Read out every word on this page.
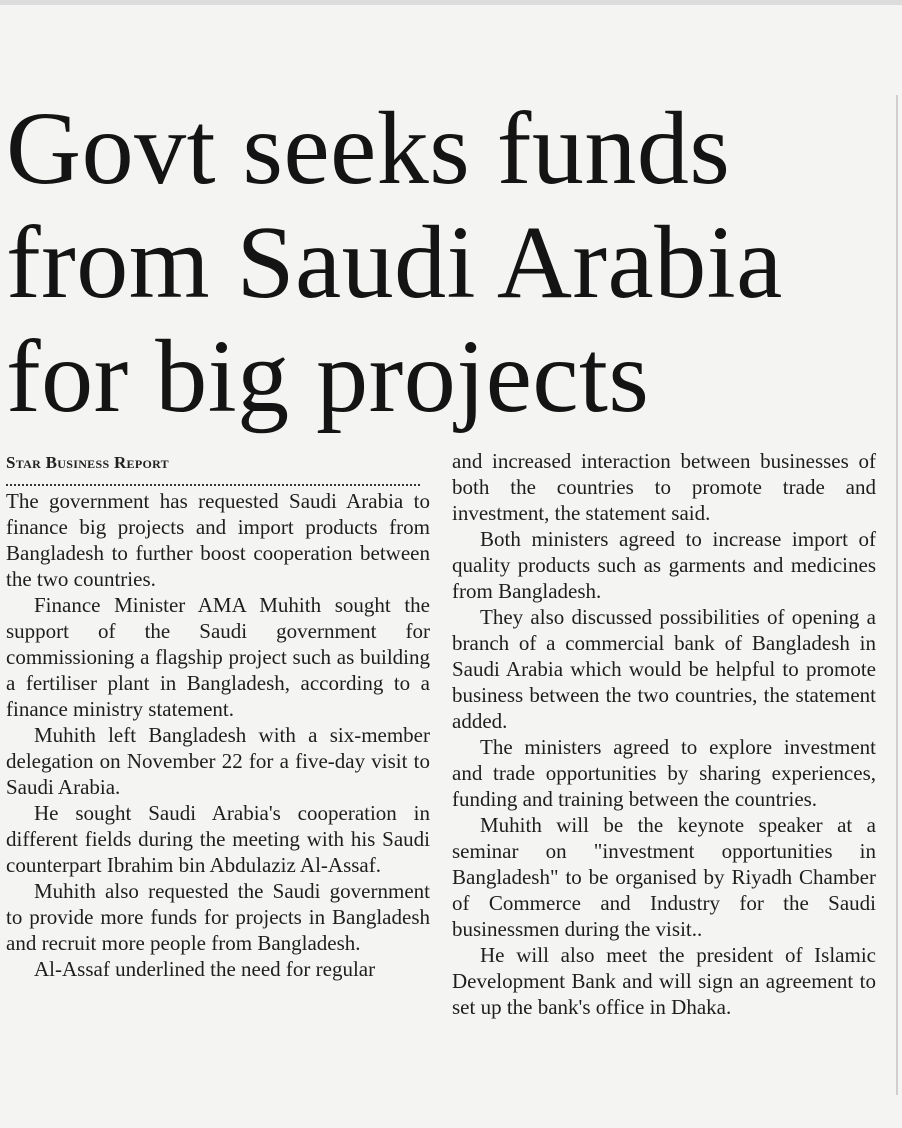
Govt seeks funds
from Saudi Arabia
for big projects

Star Business Report

The government has requested Saudi Arabia to finance big projects and import products from Bangladesh to further boost cooperation between the two countries.

Finance Minister AMA Muhith sought the support of the Saudi government for commissioning a flagship project such as building a fertiliser plant in Bangladesh, according to a finance ministry statement.

Muhith left Bangladesh with a six-member delegation on November 22 for a five-day visit to Saudi Arabia.

He sought Saudi Arabia's cooperation in different fields during the meeting with his Saudi counterpart Ibrahim bin Abdulaziz Al-Assaf.

Muhith also requested the Saudi government to provide more funds for projects in Bangladesh and recruit more people from Bangladesh.

Al-Assaf underlined the need for regular

and increased interaction between businesses of both the countries to promote trade and investment, the statement said.

Both ministers agreed to increase import of quality products such as garments and medicines from Bangladesh.

They also discussed possibilities of opening a branch of a commercial bank of Bangladesh in Saudi Arabia which would be helpful to promote business between the two countries, the statement added.

The ministers agreed to explore investment and trade opportunities by sharing experiences, funding and training between the countries.

Muhith will be the keynote speaker at a seminar on "investment opportunities in Bangladesh" to be organised by Riyadh Chamber of Commerce and Industry for the Saudi businessmen during the visit..

He will also meet the president of Islamic Development Bank and will sign an agreement to set up the bank's office in Dhaka.
